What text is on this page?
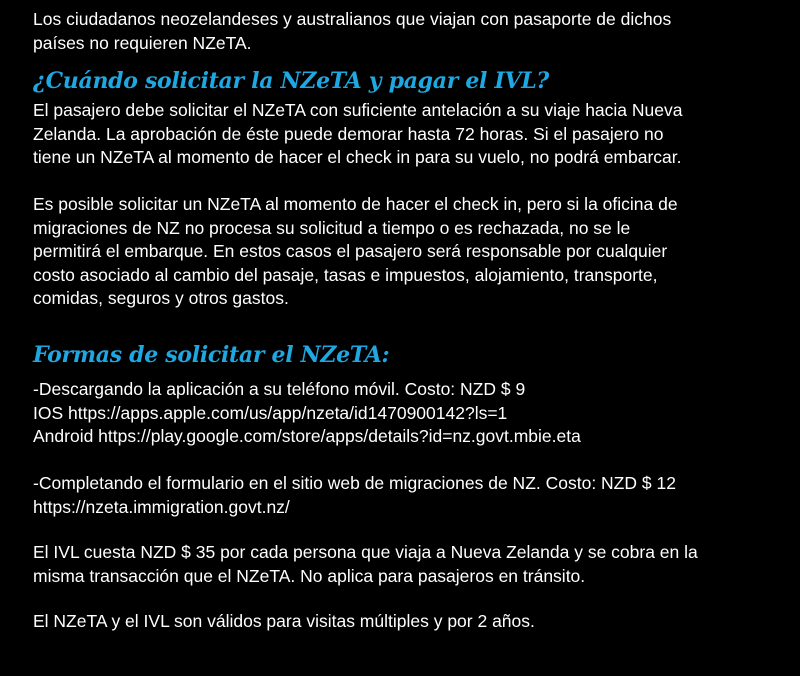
Los ciudadanos neozelandeses y australianos que viajan con pasaporte de dichos
países no requieren NZeTA.

¿Cuándo solicitar la NZeTA y pagar el IVL?

El pasajero debe solicitar el NZeTA con suficiente antelación a su viaje hacia Nueva
Zelanda. La aprobación de éste puede demorar hasta 72 horas. Si el pasajero no
tiene un NZeTA al momento de hacer el check in para su vuelo, no podrá embarcar.

Es posible solicitar un NZeTA al momento de hacer el check in, pero si la oficina de
migraciones de NZ no procesa su solicitud a tiempo o es rechazada, no se le
permitirá el embarque. En estos casos el pasajero será responsable por cualquier
costo asociado al cambio del pasaje, tasas e impuestos, alojamiento, transporte,
comidas, seguros y otros gastos.

Formas de solicitar el NZeTA:

-Descargando la aplicación a su teléfono móvil. Costo: NZD $ 9
IOS https://apps.apple.com/us/app/nzeta/id1470900142?ls=1
Android https://play.google.com/store/apps/details?id=nz.govt.mbie.eta

-Completando el formulario en el sitio web de migraciones de NZ. Costo: NZD $ 12
https://nzeta.immigration.govt.nz/

El IVL cuesta NZD $ 35 por cada persona que viaja a Nueva Zelanda y se cobra en la
misma transacción que el NZeTA. No aplica para pasajeros en tránsito.

El NZeTA y el IVL son válidos para visitas múltiples y por 2 años.
